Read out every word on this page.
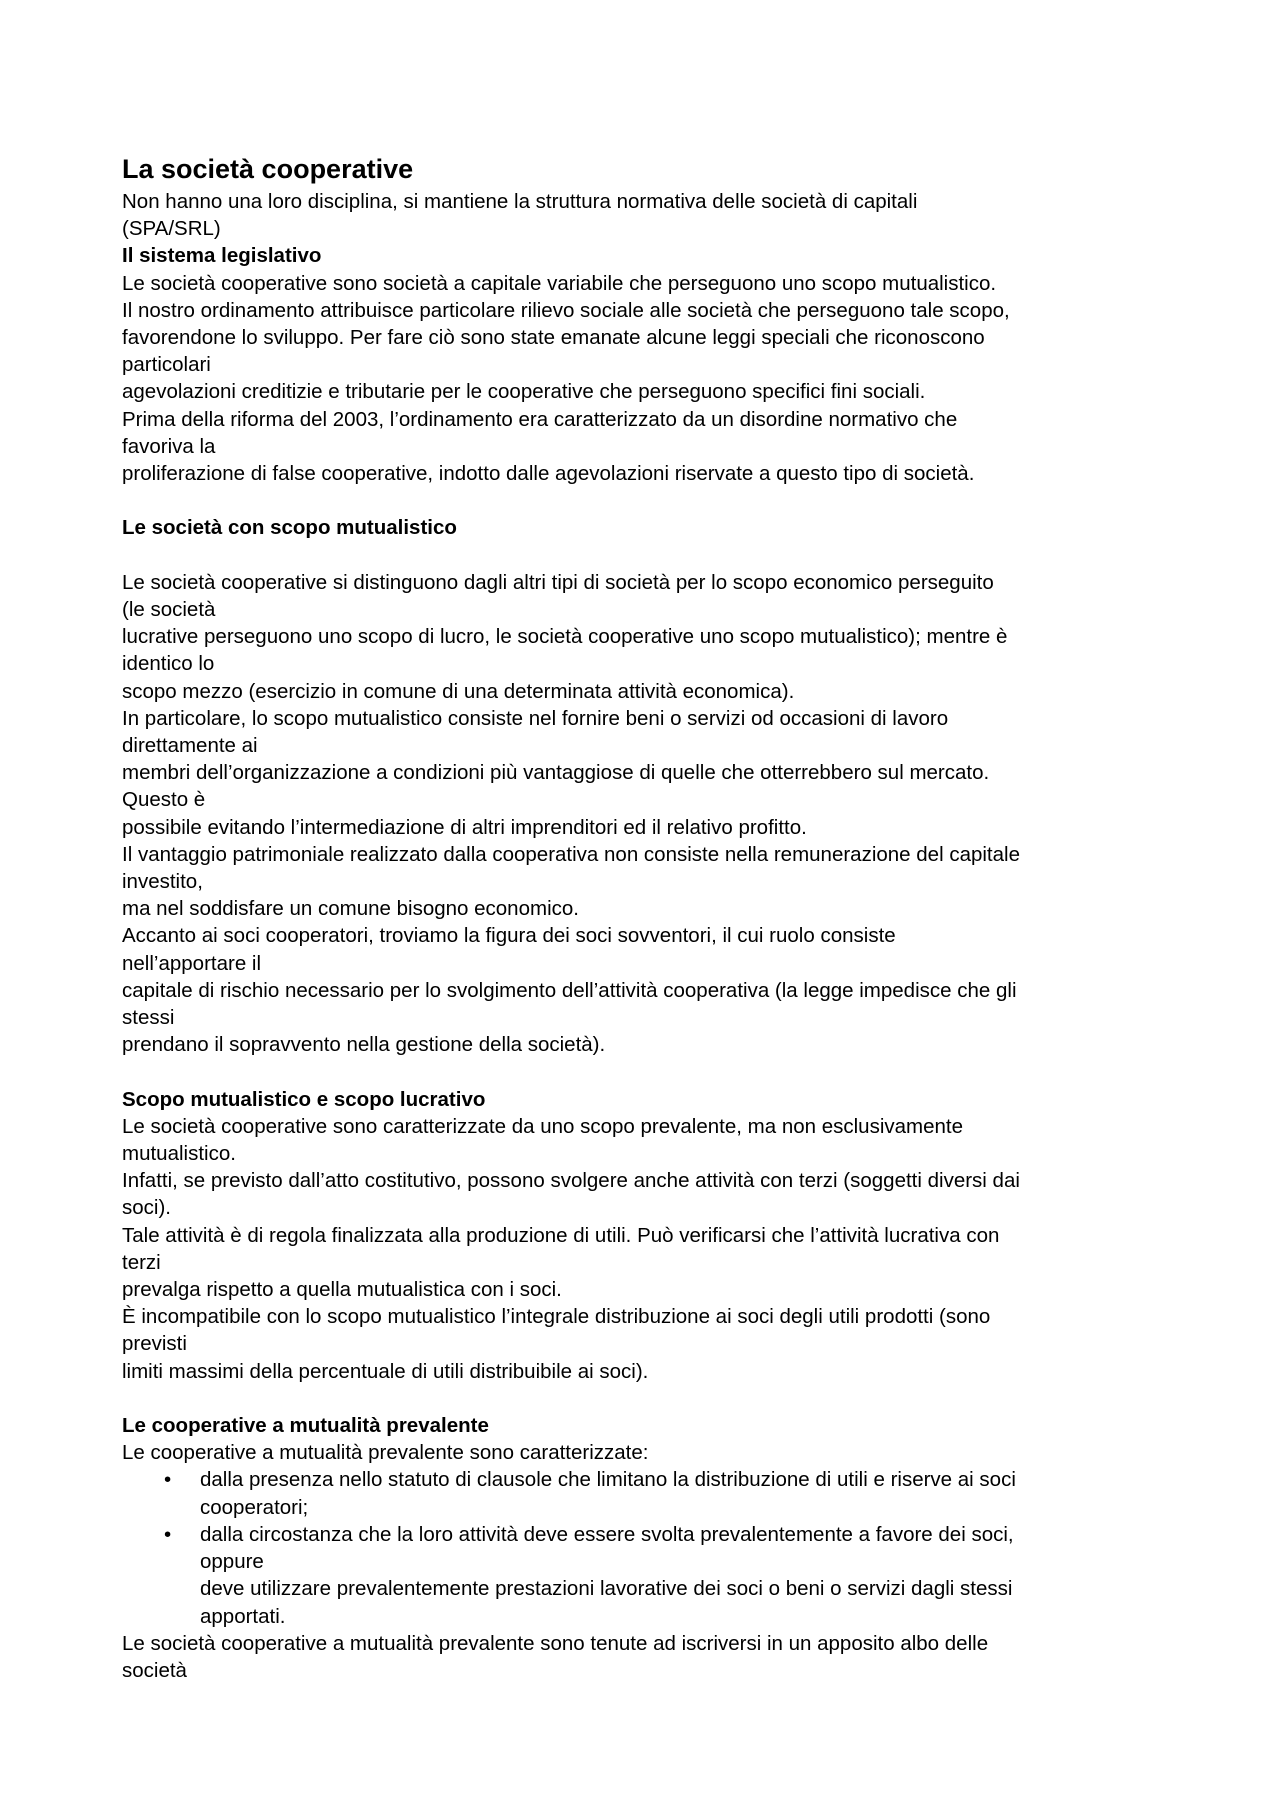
La società cooperative
Non hanno una loro disciplina, si mantiene la struttura normativa delle società di capitali
(SPA/SRL)
Il sistema legislativo
Le società cooperative sono società a capitale variabile che perseguono uno scopo mutualistico.
Il nostro ordinamento attribuisce particolare rilievo sociale alle società che perseguono tale scopo,
favorendone lo sviluppo. Per fare ciò sono state emanate alcune leggi speciali che riconoscono
particolari
agevolazioni creditizie e tributarie per le cooperative che perseguono specifici fini sociali.
Prima della riforma del 2003, l’ordinamento era caratterizzato da un disordine normativo che
favoriva la
proliferazione di false cooperative, indotto dalle agevolazioni riservate a questo tipo di società.
Le società con scopo mutualistico
Le società cooperative si distinguono dagli altri tipi di società per lo scopo economico perseguito
(le società
lucrative perseguono uno scopo di lucro, le società cooperative uno scopo mutualistico); mentre è
identico lo
scopo mezzo (esercizio in comune di una determinata attività economica).
In particolare, lo scopo mutualistico consiste nel fornire beni o servizi od occasioni di lavoro
direttamente ai
membri dell’organizzazione a condizioni più vantaggiose di quelle che otterrebbero sul mercato.
Questo è
possibile evitando l’intermediazione di altri imprenditori ed il relativo profitto.
Il vantaggio patrimoniale realizzato dalla cooperativa non consiste nella remunerazione del capitale
investito,
ma nel soddisfare un comune bisogno economico.
Accanto ai soci cooperatori, troviamo la figura dei soci sovventori, il cui ruolo consiste
nell’apportare il
capitale di rischio necessario per lo svolgimento dell’attività cooperativa (la legge impedisce che gli
stessi
prendano il sopravvento nella gestione della società).
Scopo mutualistico e scopo lucrativo
Le società cooperative sono caratterizzate da uno scopo prevalente, ma non esclusivamente
mutualistico.
Infatti, se previsto dall’atto costitutivo, possono svolgere anche attività con terzi (soggetti diversi dai
soci).
Tale attività è di regola finalizzata alla produzione di utili. Può verificarsi che l’attività lucrativa con
terzi
prevalga rispetto a quella mutualistica con i soci.
È incompatibile con lo scopo mutualistico l’integrale distribuzione ai soci degli utili prodotti (sono
previsti
limiti massimi della percentuale di utili distribuibile ai soci).
Le cooperative a mutualità prevalente
Le cooperative a mutualità prevalente sono caratterizzate:
• dalla presenza nello statuto di clausole che limitano la distribuzione di utili e riserve ai soci
cooperatori;
• dalla circostanza che la loro attività deve essere svolta prevalentemente a favore dei soci,
oppure
deve utilizzare prevalentemente prestazioni lavorative dei soci o beni o servizi dagli stessi
apportati.
Le società cooperative a mutualità prevalente sono tenute ad iscriversi in un apposito albo delle
società
